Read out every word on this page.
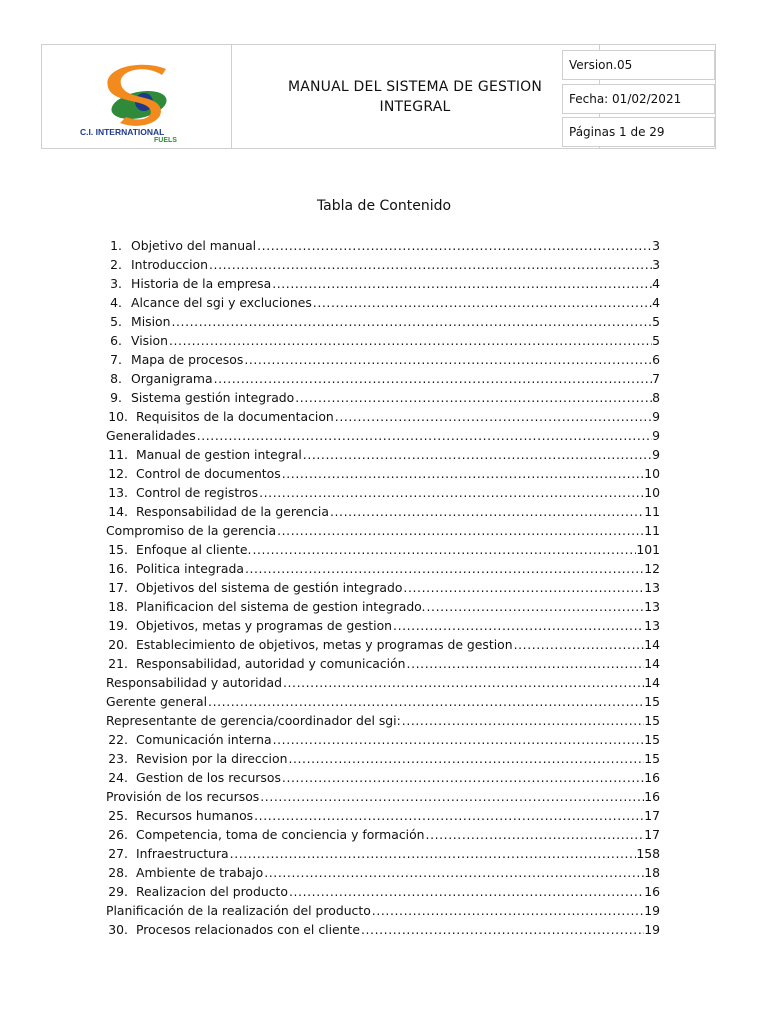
C.I. INTERNATIONAL
FUELS
MANUAL DEL SISTEMA DE GESTION
INTEGRAL
Version.05
Fecha: 01/02/2021
Páginas 1 de 29
Tabla de Contenido
1. Objetivo del manual .....	3
2. Introduccion .....	3
3. Historia de la empresa .....	4
4. Alcance del sgi y excluciones .....	4
5. Mision .....	5
6. Vision .....	5
7. Mapa de procesos .....	6
8. Organigrama .....	7
9. Sistema gestión integrado .....	8
10. Requisitos de la documentacion .....	9
Generalidades .....	9
11. Manual de gestion integral .....	9
12. Control de documentos .....	10
13. Control de registros .....	10
14. Responsabilidad de la gerencia .....	11
Compromiso de la gerencia .....	11
15. Enfoque al cliente. .....	101
16. Politica integrada .....	12
17. Objetivos del sistema de gestión integrado .....	13
18. Planificacion del sistema de gestion integrado. .....	13
19. Objetivos, metas y programas de gestion .....	13
20. Establecimiento de objetivos, metas y programas de gestion .....	14
21. Responsabilidad, autoridad y comunicación .....	14
Responsabilidad y autoridad .....	14
Gerente general .....	15
Representante de gerencia/coordinador del sgi: .....	15
22. Comunicación interna .....	15
23. Revision por la direccion .....	15
24. Gestion de los recursos .....	16
Provisión de los recursos .....	16
25. Recursos humanos .....	17
26. Competencia, toma de conciencia y formación .....	17
27. Infraestructura .....	158
28. Ambiente de trabajo .....	18
29. Realizacion del producto .....	16
Planificación de la realización del producto .....	19
30. Procesos relacionados con el cliente .....	19
